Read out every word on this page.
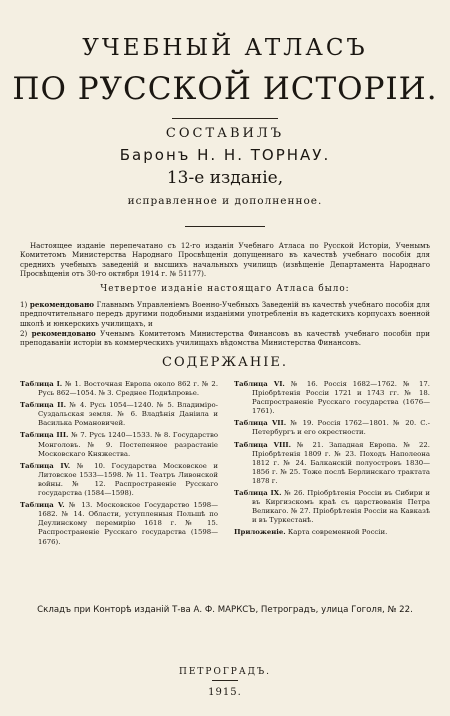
УЧЕБНЫЙ АТЛАСЪ
ПО РУССКОЙ ИСТОРІИ.
СОСТАВИЛЪ
Баронъ Н. Н. ТОРНАУ.
13-е изданіе,
исправленное и дополненное.
Настоящее изданіе перепечатано съ 12-го изданія Учебнаго Атласа по Русской Исторіи, Ученымъ Комитетомъ Министерства Народнаго Просвѣщенія допущеннаго въ качествѣ учебнаго пособія для среднихъ учебныхъ заведеній и высшихъ начальныхъ училищъ (извѣщеніе Департамента Народнаго Просвѣщенія отъ 30-го октября 1914 г. № 51177).
Четвертое изданіе настоящаго Атласа было:
1) рекомендовано Главнымъ Управленіемъ Военно-Учебныхъ Заведеній въ качествѣ учебнаго пособія для предпочтительнаго передъ другими подобными изданіями употребленія въ кадетскихъ корпусахъ военной школѣ и юнкерскихъ училищахъ, и
2) рекомендовано Ученымъ Комитетомъ Министерства Финансовъ въ качествѣ учебнаго пособія при преподаваніи исторіи въ коммерческихъ училищахъ вѣдомства Министерства Финансовъ.
СОДЕРЖАНІЕ.

Таблица I. № 1. Восточная Европа около 862 г. № 2. Русь 862—1054. № 3. Среднее Поднѣпровье.

Таблица II. № 4. Русь 1054—1240. № 5. Владиміро-Суздальская земля. № 6. Владѣнія Даніила и Василька Романовичей.

Таблица III. № 7. Русь 1240—1533. № 8. Государство Монголовъ. № 9. Постепенное разрастаніе Московскаго Княжества.

Таблица IV. № 10. Государства Московское и Литовское 1533—1598. № 11. Театръ Ливонской войны. № 12. Распространеніе Русскаго государства (1584—1598).

Таблица V. № 13. Московское Государство 1598—1682. № 14. Области, уступленныя Польшѣ по Деулинскому перемирію 1618 г. № 15. Распространеніе Русскаго государства (1598—1676).

Таблица VI. № 16. Россія 1682—1762. № 17. Пріобрѣтенія Россіи 1721 и 1743 гг. № 18. Распространеніе Русскаго государства (1676—1761).

Таблица VII. № 19. Россія 1762—1801. № 20. С.-Петербургъ и его окрестности.

Таблица VIII. № 21. Западная Европа. № 22. Пріобрѣтенія 1809 г. № 23. Походъ Наполеона 1812 г. № 24. Балканскій полуостровъ 1830—1856 г. № 25. Тоже послѣ Берлинскаго трактата 1878 г.

Таблица IX. № 26. Пріобрѣтенія Россіи въ Сибири и въ Киргизскомъ краѣ съ царствованія Петра Великаго. № 27. Пріобрѣтенія Россіи на Кавказѣ и въ Туркестанѣ.

Приложеніе. Карта современной Россіи.

Складъ при Конторѣ изданій Т-ва А. Ф. МАРКСЪ, Петроградъ, улица Гоголя, № 22.
ПЕТРОГРАДЪ.
1915.
